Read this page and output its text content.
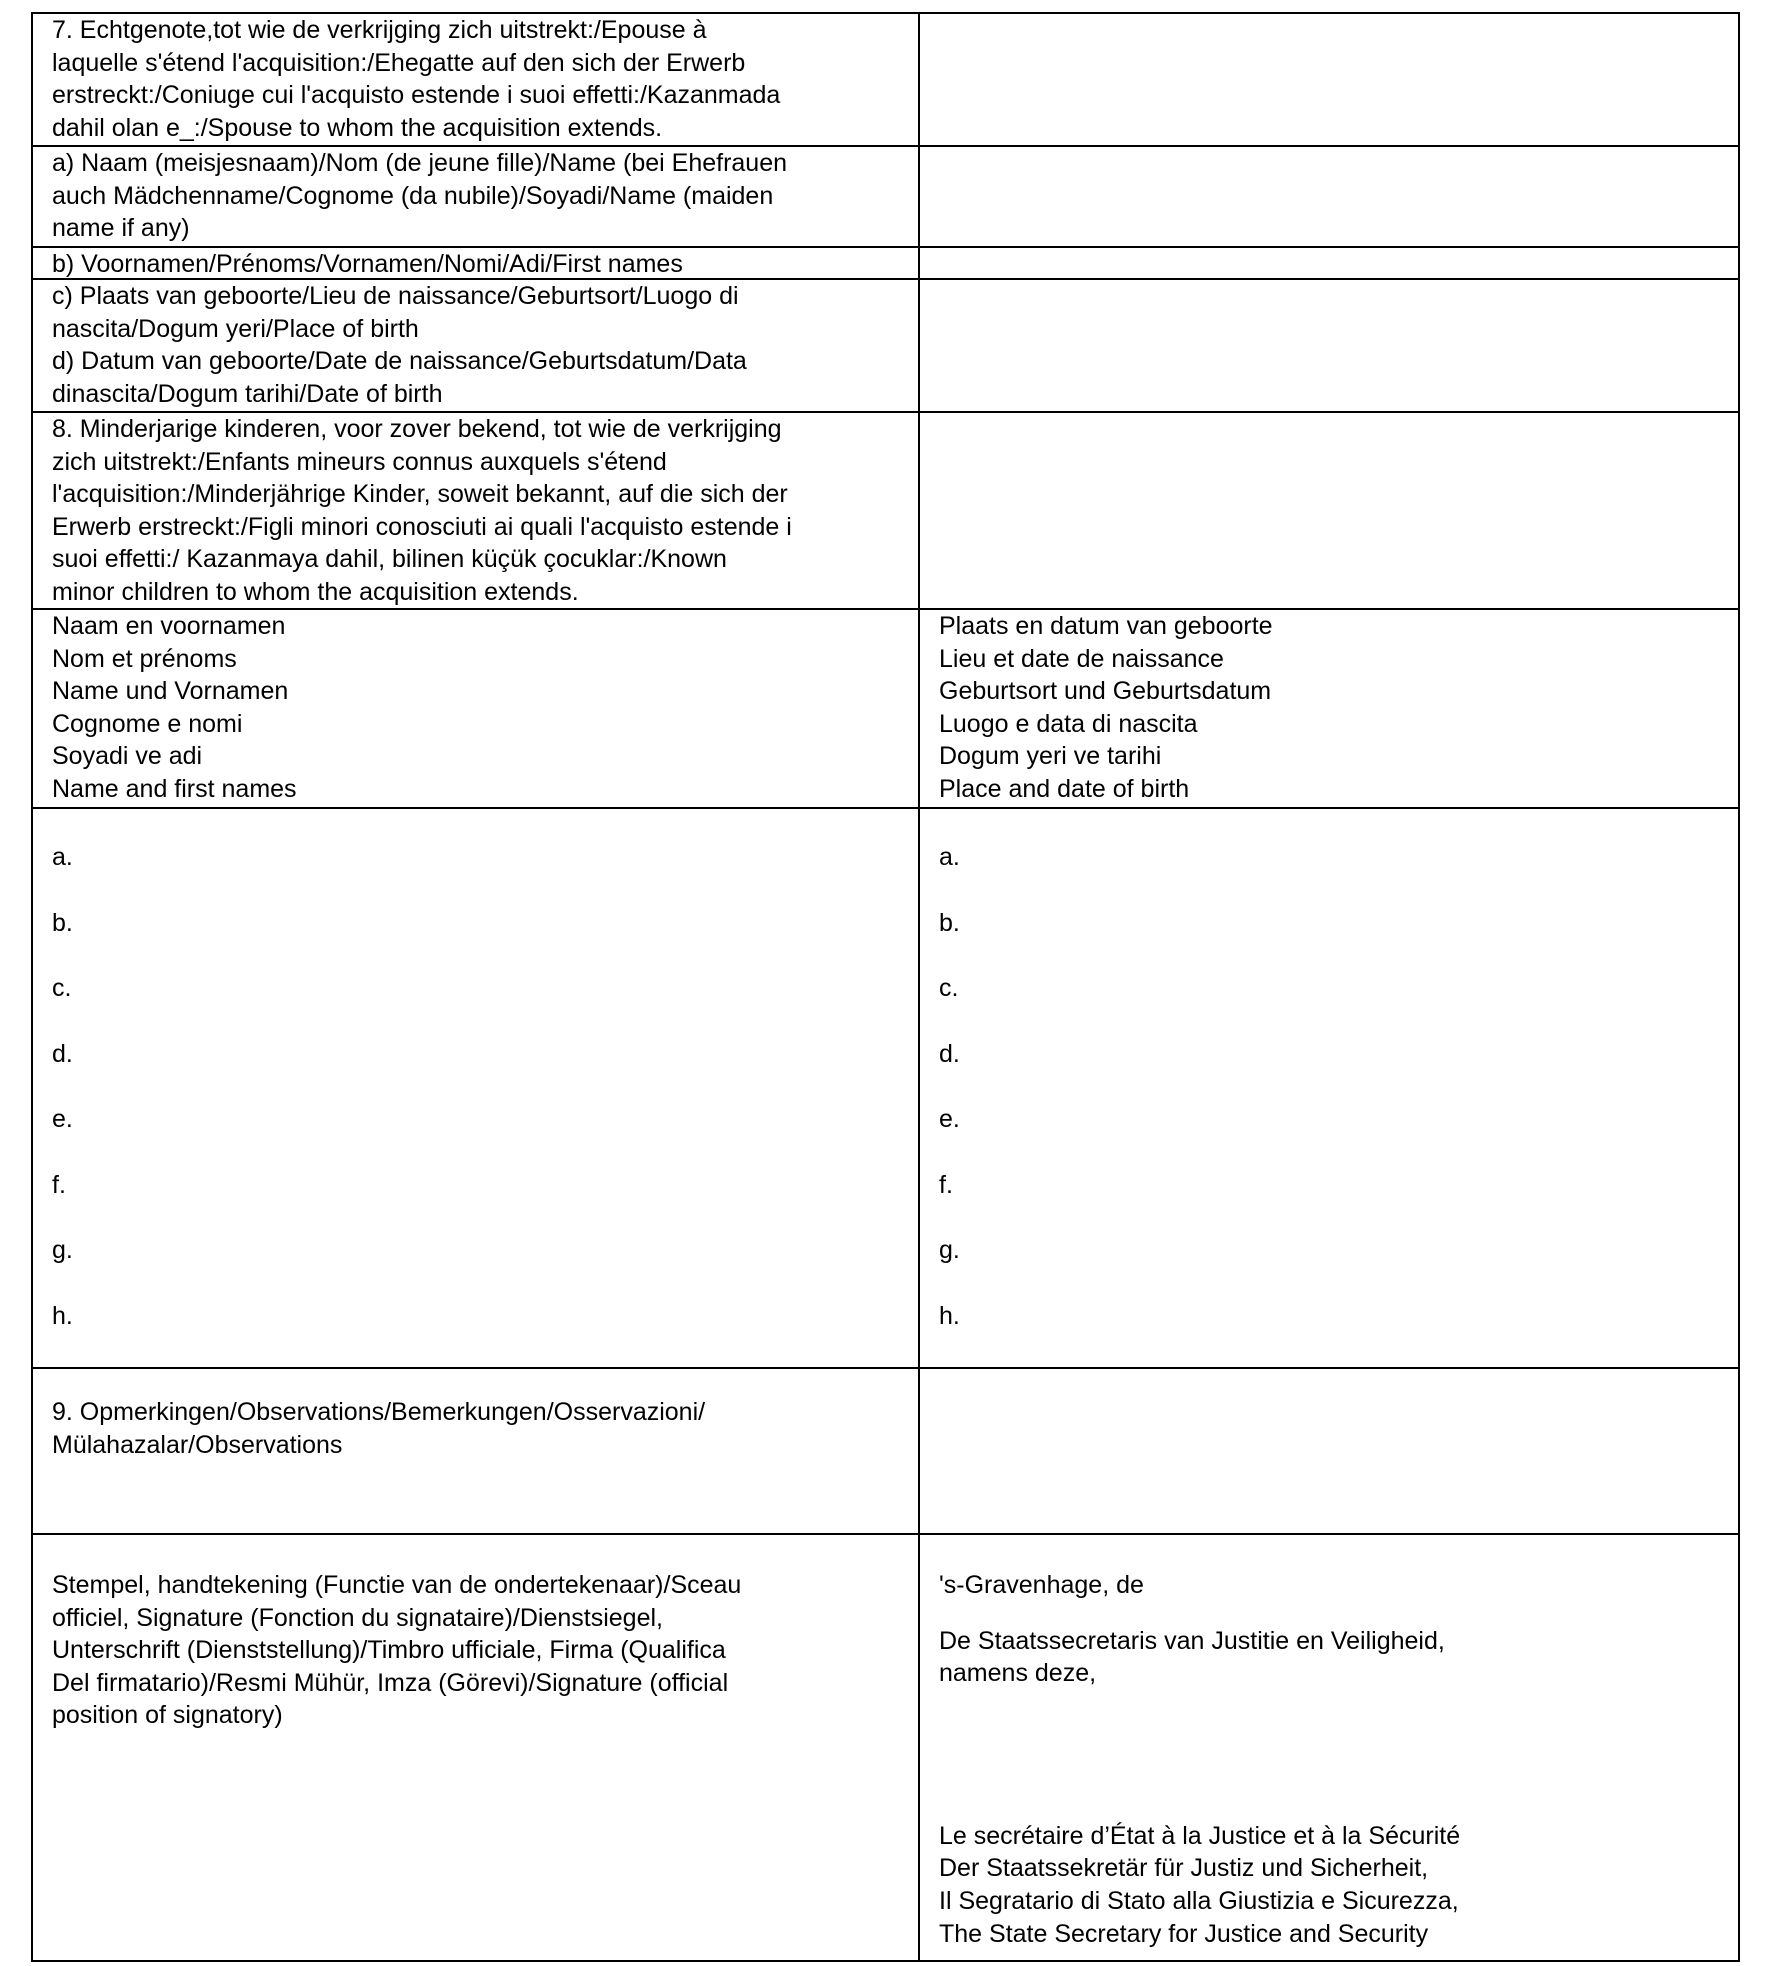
7. Echtgenote,tot wie de verkrijging zich uitstrekt:/Epouse à
laquelle s'étend l'acquisition:/Ehegatte auf den sich der Erwerb
erstreckt:/Coniuge cui l'acquisto estende i suoi effetti:/Kazanmada
dahil olan e_:/Spouse to whom the acquisition extends.
a) Naam (meisjesnaam)/Nom (de jeune fille)/Name (bei Ehefrauen
auch Mädchenname/Cognome (da nubile)/Soyadi/Name (maiden
name if any)
b) Voornamen/Prénoms/Vornamen/Nomi/Adi/First names
c) Plaats van geboorte/Lieu de naissance/Geburtsort/Luogo di
nascita/Dogum yeri/Place of birth
d) Datum van geboorte/Date de naissance/Geburtsdatum/Data
dinascita/Dogum tarihi/Date of birth
8. Minderjarige kinderen, voor zover bekend, tot wie de verkrijging
zich uitstrekt:/Enfants mineurs connus auxquels s'étend
l'acquisition:/Minderjährige Kinder, soweit bekannt, auf die sich der
Erwerb erstreckt:/Figli minori conosciuti ai quali l'acquisto estende i
suoi effetti:/ Kazanmaya dahil, bilinen küçük çocuklar:/Known
minor children to whom the acquisition extends.
Naam en voornamen
Nom et prénoms
Name und Vornamen
Cognome e nomi
Soyadi ve adi
Name and first names
Plaats en datum van geboorte
Lieu et date de naissance
Geburtsort und Geburtsdatum
Luogo e data di nascita
Dogum yeri ve tarihi
Place and date of birth
a.
b.
c.
d.
e.
f.
g.
h.
a.
b.
c.
d.
e.
f.
g.
h.
9. Opmerkingen/Observations/Bemerkungen/Osservazioni/
Mülahazalar/Observations
Stempel, handtekening (Functie van de ondertekenaar)/Sceau
officiel, Signature (Fonction du signataire)/Dienstsiegel,
Unterschrift (Dienststellung)/Timbro ufficiale, Firma (Qualifica
Del firmatario)/Resmi Mühür, Imza (Görevi)/Signature (official
position of signatory)
's-Gravenhage, de
De Staatssecretaris van Justitie en Veiligheid,
namens deze,
Le secrétaire d’État à la Justice et à la Sécurité
Der Staatssekretär für Justiz und Sicherheit,
Il Segratario di Stato alla Giustizia e Sicurezza,
The State Secretary for Justice and Security
